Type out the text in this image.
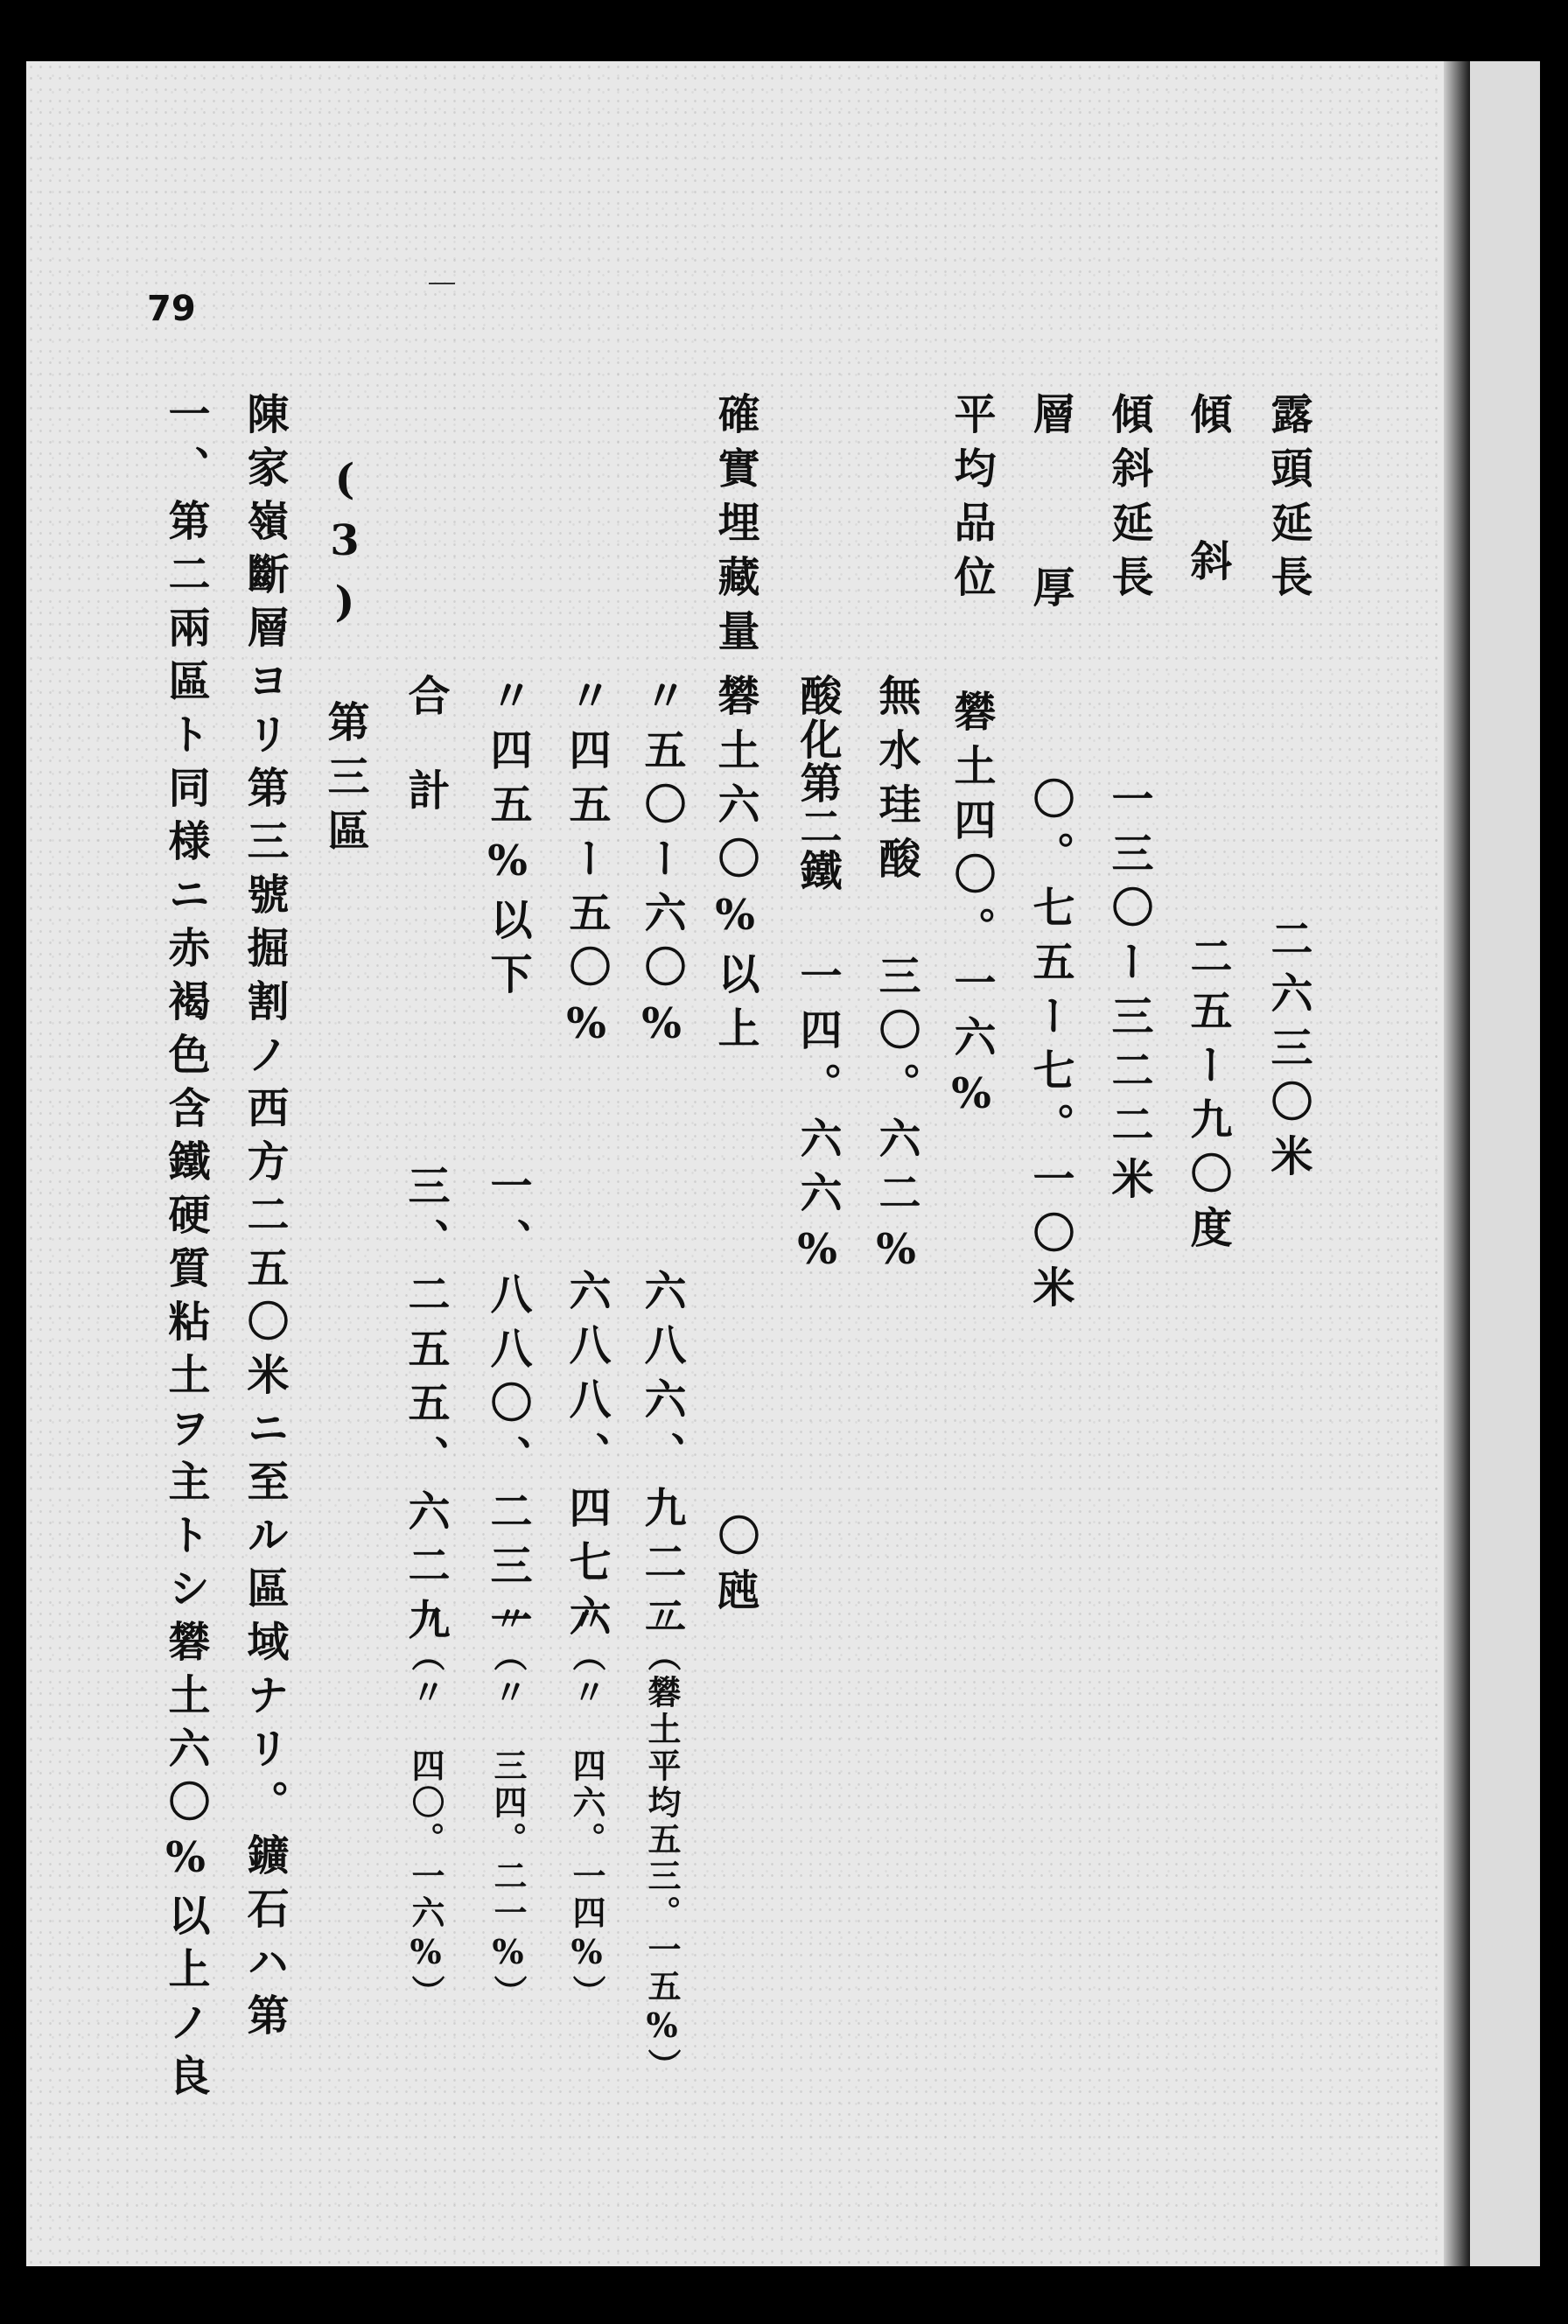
79
露頭延長二六三〇米
傾斜二五ー九〇度
傾斜延長一三〇ー三二二米
層厚〇。七五ー七。一〇米
平均品位礬土四〇。一六%
無水珪酸三〇。六二%
酸化第二鐵一四。六六%
確實埋藏量
礬土六〇%以上〇瓲
〃五〇ー六〇%六八六、九二二〃（礬土平均五三。一五%）
〃四五ー五〇%六八八、四七六〃（〃　四六。一四%）
〃四五%以下一、八八〇、二三一〃（〃　三四。二一%）
合計三、二五五、六二九〃（〃　四〇。一六%）
(3) 第三區
陳家嶺斷層ヨリ第三號掘割ノ西方二五〇米ニ至ル區域ナリ。鑛石ハ第
一、第二兩區ト同様ニ赤褐色含鐵硬質粘土ヲ主トシ礬土六〇%以上ノ良
